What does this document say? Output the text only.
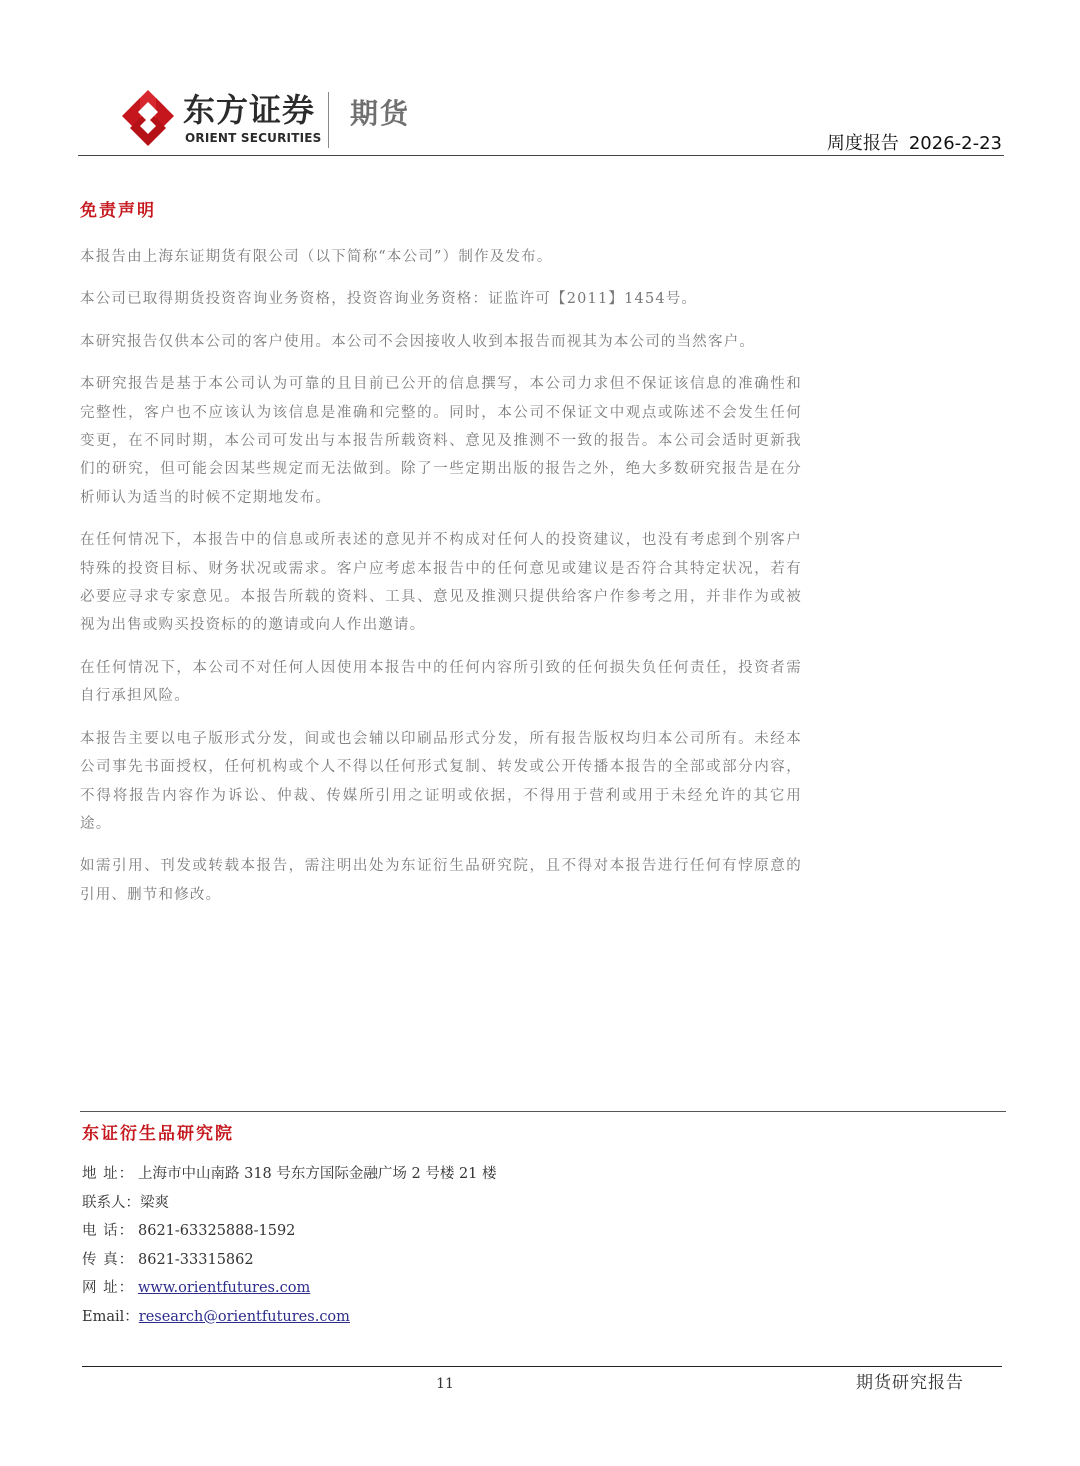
东方证券
ORIENT SECURITIES
期货
周度报告 2026-2-23
免责声明

本报告由上海东证期货有限公司（以下简称“本公司”）制作及发布。

本公司已取得期货投资咨询业务资格，投资咨询业务资格：证监许可【2011】1454号。

本研究报告仅供本公司的客户使用。本公司不会因接收人收到本报告而视其为本公司的当然客户。

本研究报告是基于本公司认为可靠的且目前已公开的信息撰写，本公司力求但不保证该信息的准确性和完整性，客户也不应该认为该信息是准确和完整的。同时，本公司不保证文中观点或陈述不会发生任何变更，在不同时期，本公司可发出与本报告所载资料、意见及推测不一致的报告。本公司会适时更新我们的研究，但可能会因某些规定而无法做到。除了一些定期出版的报告之外，绝大多数研究报告是在分析师认为适当的时候不定期地发布。

在任何情况下，本报告中的信息或所表述的意见并不构成对任何人的投资建议，也没有考虑到个别客户特殊的投资目标、财务状况或需求。客户应考虑本报告中的任何意见或建议是否符合其特定状况，若有必要应寻求专家意见。本报告所载的资料、工具、意见及推测只提供给客户作参考之用，并非作为或被视为出售或购买投资标的的邀请或向人作出邀请。

在任何情况下，本公司不对任何人因使用本报告中的任何内容所引致的任何损失负任何责任，投资者需自行承担风险。

本报告主要以电子版形式分发，间或也会辅以印刷品形式分发，所有报告版权均归本公司所有。未经本公司事先书面授权，任何机构或个人不得以任何形式复制、转发或公开传播本报告的全部或部分内容，不得将报告内容作为诉讼、仲裁、传媒所引用之证明或依据，不得用于营利或用于未经允许的其它用途。

如需引用、刊发或转载本报告，需注明出处为东证衍生品研究院，且不得对本报告进行任何有悖原意的引用、删节和修改。

东证衍生品研究院
地 址： 上海市中山南路 318 号东方国际金融广场 2 号楼 21 楼
联系人：梁爽
电 话： 8621-63325888-1592
传 真： 8621-33315862
网 址： www.orientfutures.com
Email：research@orientfutures.com
11	期货研究报告
